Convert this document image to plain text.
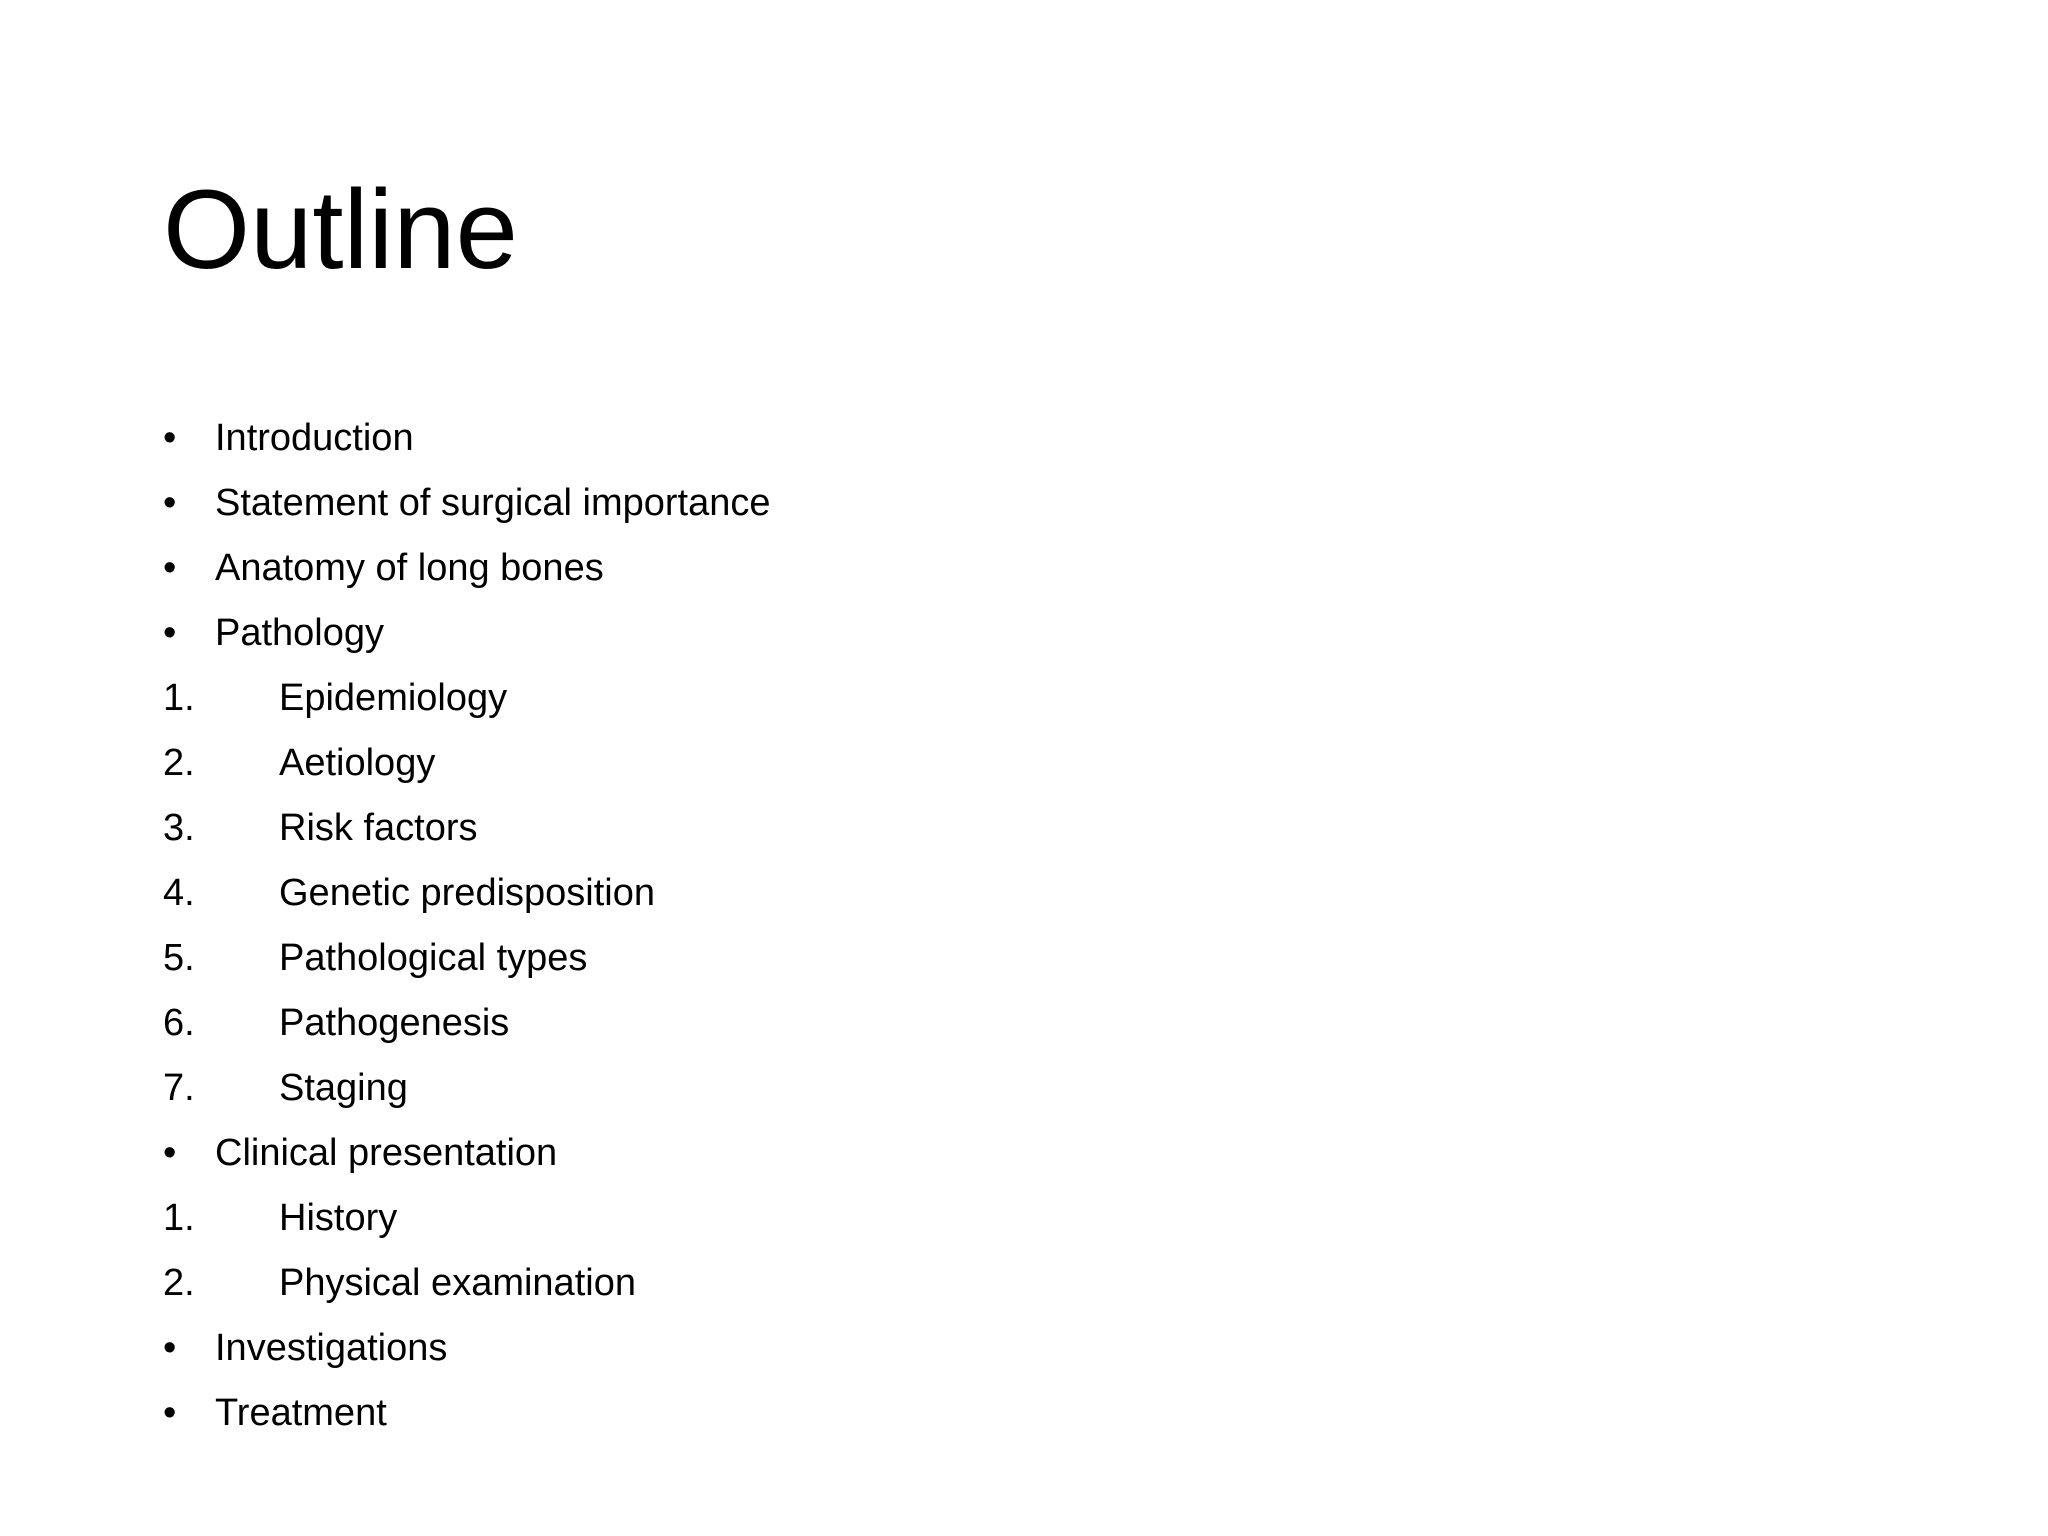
Outline
• Introduction
• Statement of surgical importance
• Anatomy of long bones
• Pathology
1. Epidemiology
2. Aetiology
3. Risk factors
4. Genetic predisposition
5. Pathological types
6. Pathogenesis
7. Staging
• Clinical presentation
1. History
2. Physical examination
• Investigations
• Treatment
